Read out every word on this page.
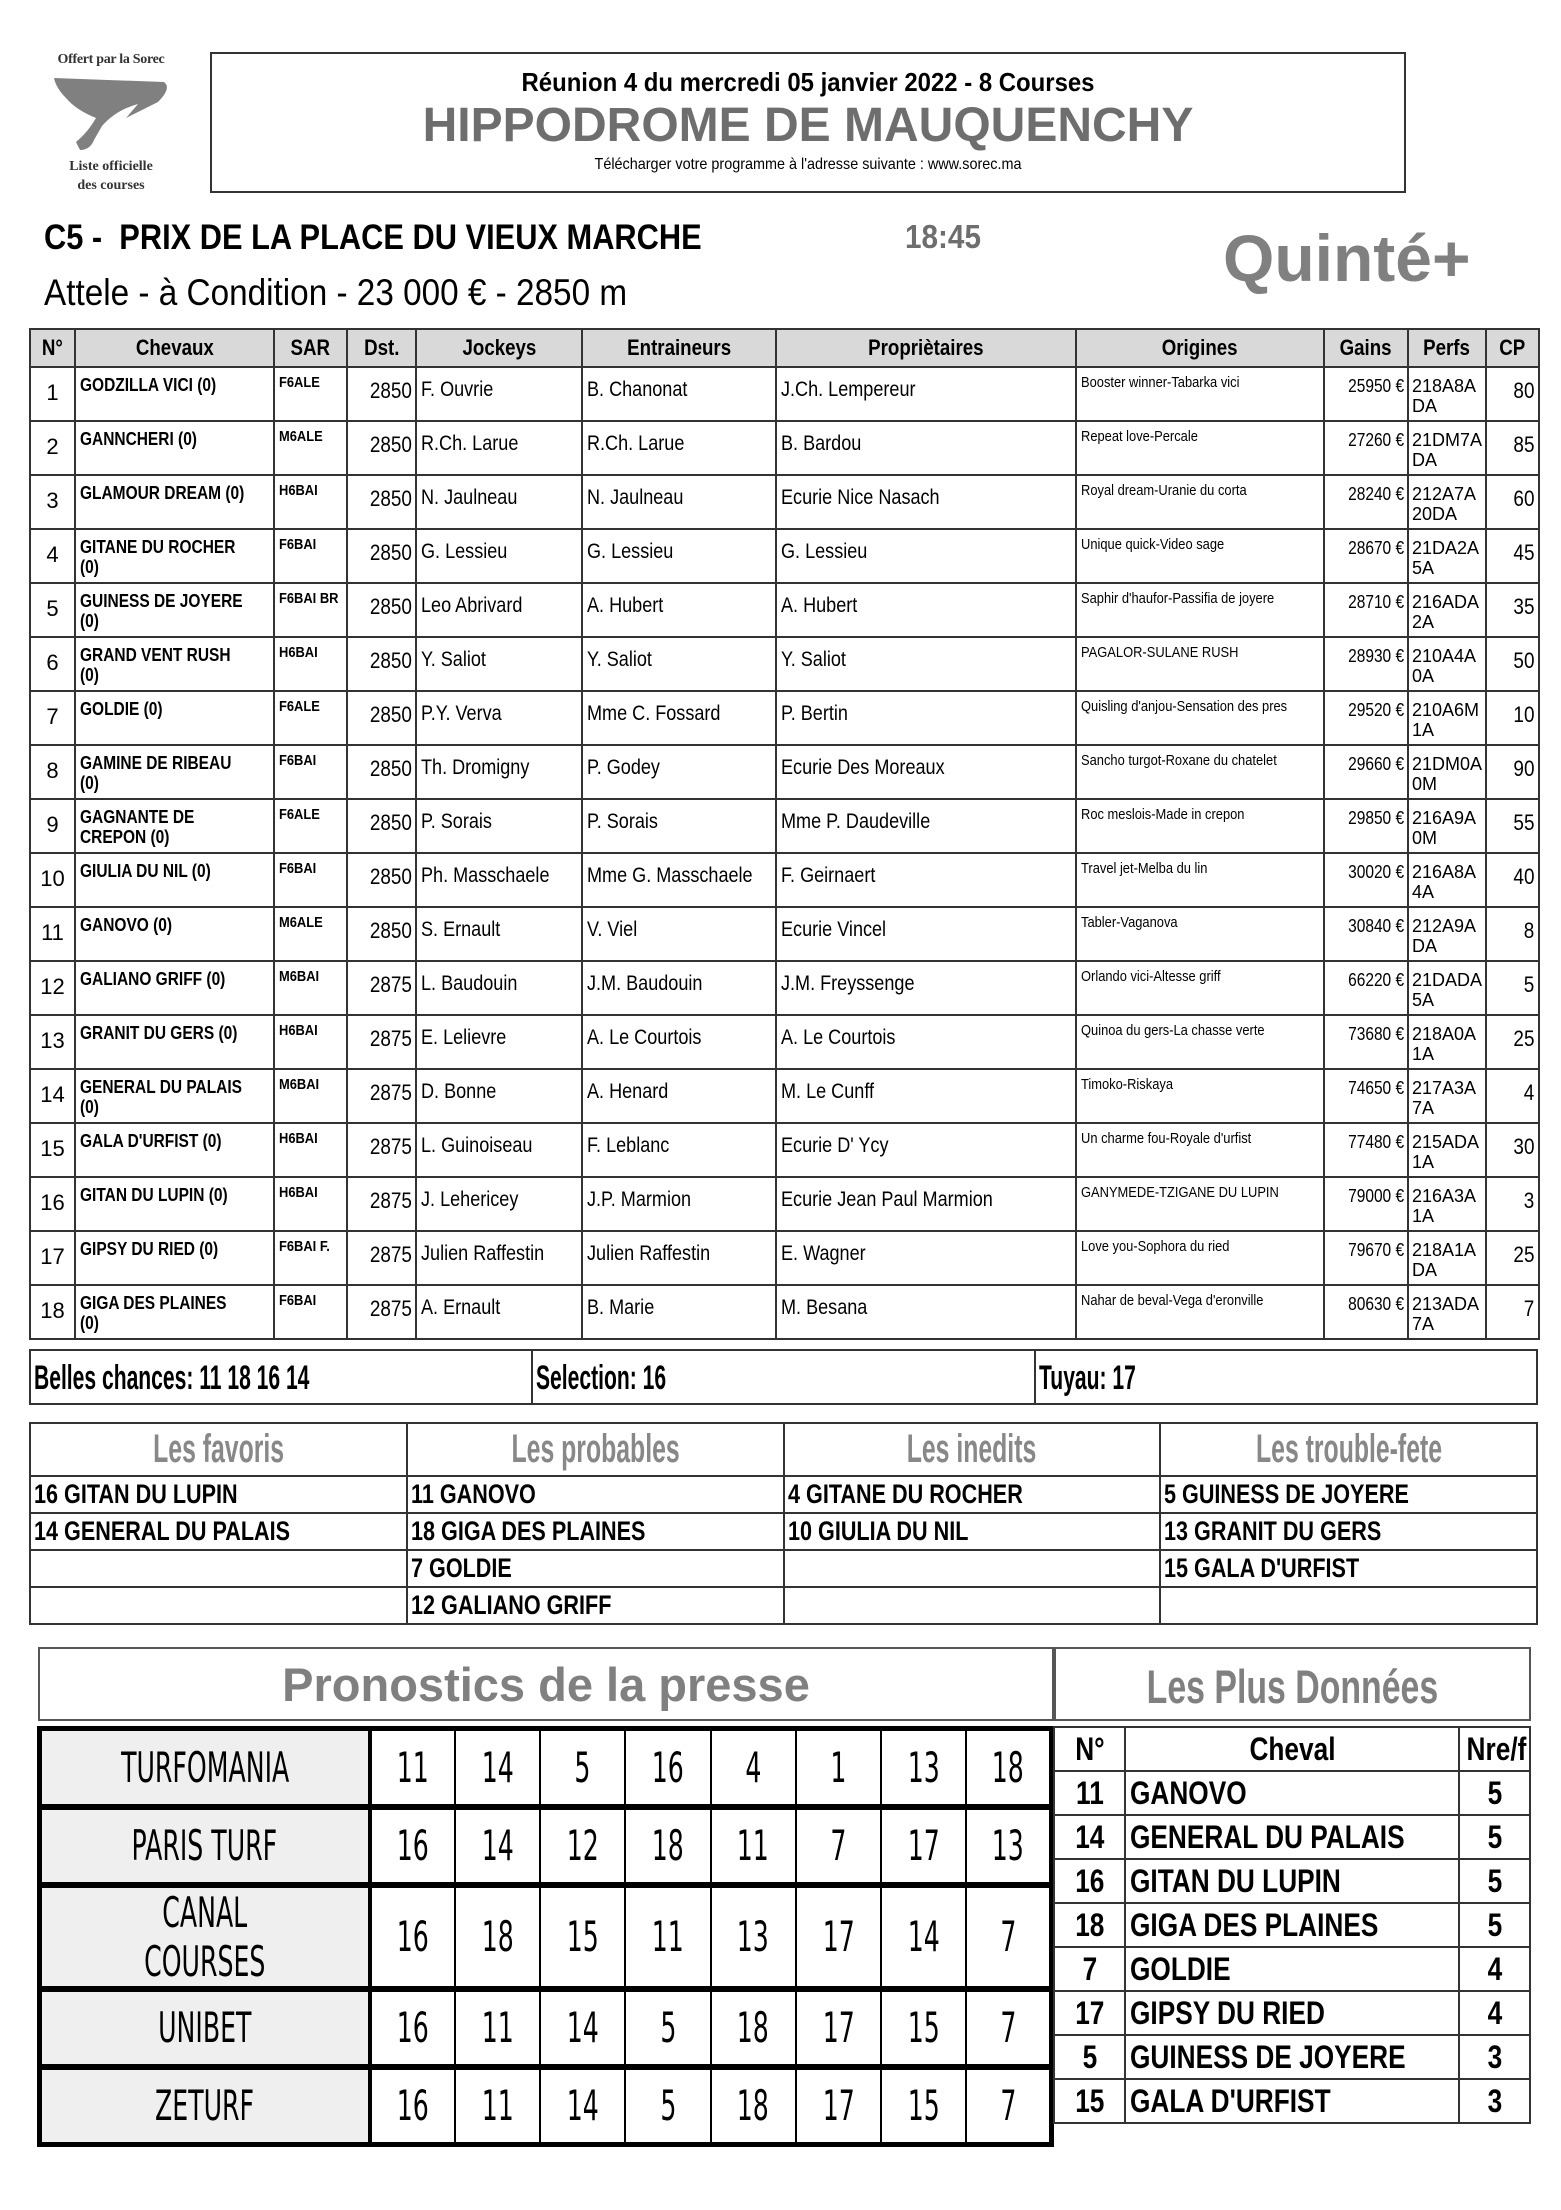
Offert par la Sorec
Liste officielle
des courses
Réunion 4 du mercredi 05 janvier 2022 - 8 Courses
HIPPODROME DE MAUQUENCHY
Télécharger votre programme à l'adresse suivante : www.sorec.ma
C5 -  PRIX DE LA PLACE DU VIEUX MARCHE	18:45	Quinté+
Attele - à Condition - 23 000 € - 2850 m
N°	Chevaux	SAR	Dst.	Jockeys	Entraineurs	Propriètaires	Origines	Gains	Perfs	CP
1	GODZILLA VICI (0)	F6ALE	2850	F. Ouvrie	B. Chanonat	J.Ch. Lempereur	Booster winner-Tabarka vici	25950 €	218A8A DA	80
2	GANNCHERI (0)	M6ALE	2850	R.Ch. Larue	R.Ch. Larue	B. Bardou	Repeat love-Percale	27260 €	21DM7A DA	85
3	GLAMOUR DREAM (0)	H6BAI	2850	N. Jaulneau	N. Jaulneau	Ecurie Nice Nasach	Royal dream-Uranie du corta	28240 €	212A7A 20DA	60
4	GITANE DU ROCHER (0)	F6BAI	2850	G. Lessieu	G. Lessieu	G. Lessieu	Unique quick-Video sage	28670 €	21DA2A 5A	45
5	GUINESS DE JOYERE (0)	F6BAI BR	2850	Leo Abrivard	A. Hubert	A. Hubert	Saphir d'haufor-Passifia de joyere	28710 €	216ADA 2A	35
6	GRAND VENT RUSH (0)	H6BAI	2850	Y. Saliot	Y. Saliot	Y. Saliot	PAGALOR-SULANE RUSH	28930 €	210A4A 0A	50
7	GOLDIE (0)	F6ALE	2850	P.Y. Verva	Mme C. Fossard	P. Bertin	Quisling d'anjou-Sensation des pres	29520 €	210A6M 1A	10
8	GAMINE DE RIBEAU (0)	F6BAI	2850	Th. Dromigny	P. Godey	Ecurie Des Moreaux	Sancho turgot-Roxane du chatelet	29660 €	21DM0A 0M	90
9	GAGNANTE DE CREPON (0)	F6ALE	2850	P. Sorais	P. Sorais	Mme P. Daudeville	Roc meslois-Made in crepon	29850 €	216A9A 0M	55
10	GIULIA DU NIL (0)	F6BAI	2850	Ph. Masschaele	Mme G. Masschaele	F. Geirnaert	Travel jet-Melba du lin	30020 €	216A8A 4A	40
11	GANOVO (0)	M6ALE	2850	S. Ernault	V. Viel	Ecurie Vincel	Tabler-Vaganova	30840 €	212A9A DA	8
12	GALIANO GRIFF (0)	M6BAI	2875	L. Baudouin	J.M. Baudouin	J.M. Freyssenge	Orlando vici-Altesse griff	66220 €	21DADA 5A	5
13	GRANIT DU GERS (0)	H6BAI	2875	E. Lelievre	A. Le Courtois	A. Le Courtois	Quinoa du gers-La chasse verte	73680 €	218A0A 1A	25
14	GENERAL DU PALAIS (0)	M6BAI	2875	D. Bonne	A. Henard	M. Le Cunff	Timoko-Riskaya	74650 €	217A3A 7A	4
15	GALA D'URFIST (0)	H6BAI	2875	L. Guinoiseau	F. Leblanc	Ecurie D' Ycy	Un charme fou-Royale d'urfist	77480 €	215ADA 1A	30
16	GITAN DU LUPIN (0)	H6BAI	2875	J. Lehericey	J.P. Marmion	Ecurie Jean Paul Marmion	GANYMEDE-TZIGANE DU LUPIN	79000 €	216A3A 1A	3
17	GIPSY DU RIED (0)	F6BAI F.	2875	Julien Raffestin	Julien Raffestin	E. Wagner	Love you-Sophora du ried	79670 €	218A1A DA	25
18	GIGA DES PLAINES (0)	F6BAI	2875	A. Ernault	B. Marie	M. Besana	Nahar de beval-Vega d'eronville	80630 €	213ADA 7A	7
Belles chances: 11 18 16 14	Selection: 16	Tuyau: 17
Les favoris	Les probables	Les inedits	Les trouble-fete
16 GITAN DU LUPIN	11 GANOVO	4 GITANE DU ROCHER	5 GUINESS DE JOYERE
14 GENERAL DU PALAIS	18 GIGA DES PLAINES	10 GIULIA DU NIL	13 GRANIT DU GERS
	7 GOLDIE		15 GALA D'URFIST
	12 GALIANO GRIFF		
Pronostics de la presse
TURFOMANIA	11	14	5	16	4	1	13	18
PARIS TURF	16	14	12	18	11	7	17	13
CANAL COURSES	16	18	15	11	13	17	14	7
UNIBET	16	11	14	5	18	17	15	7
ZETURF	16	11	14	5	18	17	15	7
Les Plus Données
N°	Cheval	Nre/f
11	GANOVO	5
14	GENERAL DU PALAIS	5
16	GITAN DU LUPIN	5
18	GIGA DES PLAINES	5
7	GOLDIE	4
17	GIPSY DU RIED	4
5	GUINESS DE JOYERE	3
15	GALA D'URFIST	3
